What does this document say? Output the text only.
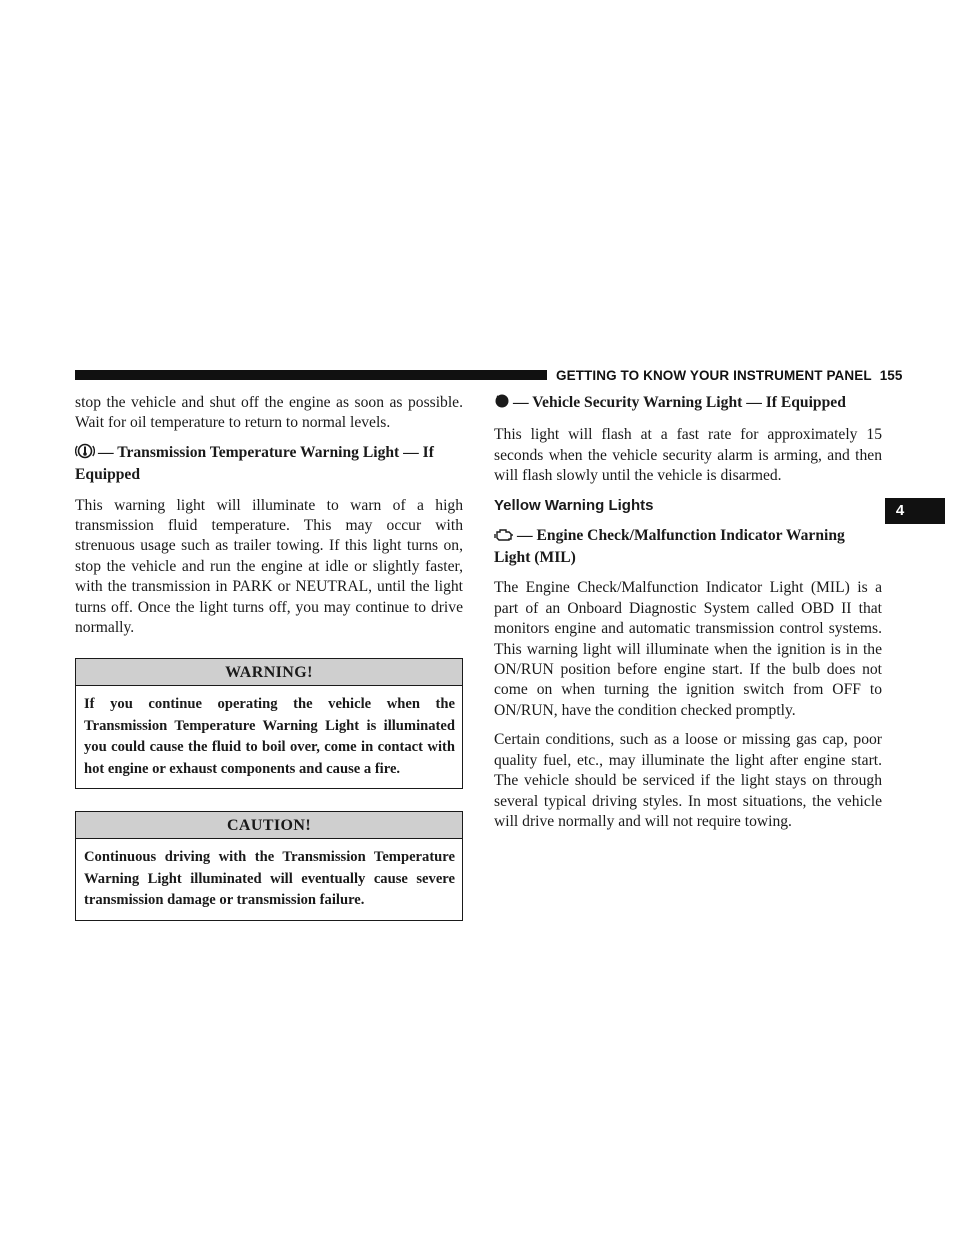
GETTING TO KNOW YOUR INSTRUMENT PANEL 155
4

stop the vehicle and shut off the engine as soon as possible. Wait for oil temperature to return to normal levels.

— Transmission Temperature Warning Light — If Equipped

This warning light will illuminate to warn of a high transmission fluid temperature. This may occur with strenuous usage such as trailer towing. If this light turns on, stop the vehicle and run the engine at idle or slightly faster, with the transmission in PARK or NEUTRAL, until the light turns off. Once the light turns off, you may continue to drive normally.

WARNING!
If you continue operating the vehicle when the Transmission Temperature Warning Light is illuminated you could cause the fluid to boil over, come in contact with hot engine or exhaust components and cause a fire.
CAUTION!
Continuous driving with the Transmission Temperature Warning Light illuminated will eventually cause severe transmission damage or transmission failure.
— Vehicle Security Warning Light — If Equipped

This light will flash at a fast rate for approximately 15 seconds when the vehicle security alarm is arming, and then will flash slowly until the vehicle is disarmed.

Yellow Warning Lights
— Engine Check/Malfunction Indicator Warning Light (MIL)

The Engine Check/Malfunction Indicator Light (MIL) is a part of an Onboard Diagnostic System called OBD II that monitors engine and automatic transmission control systems. This warning light will illuminate when the ignition is in the ON/RUN position before engine start. If the bulb does not come on when turning the ignition switch from OFF to ON/RUN, have the condition checked promptly.

Certain conditions, such as a loose or missing gas cap, poor quality fuel, etc., may illuminate the light after engine start. The vehicle should be serviced if the light stays on through several typical driving styles. In most situations, the vehicle will drive normally and will not require towing.
